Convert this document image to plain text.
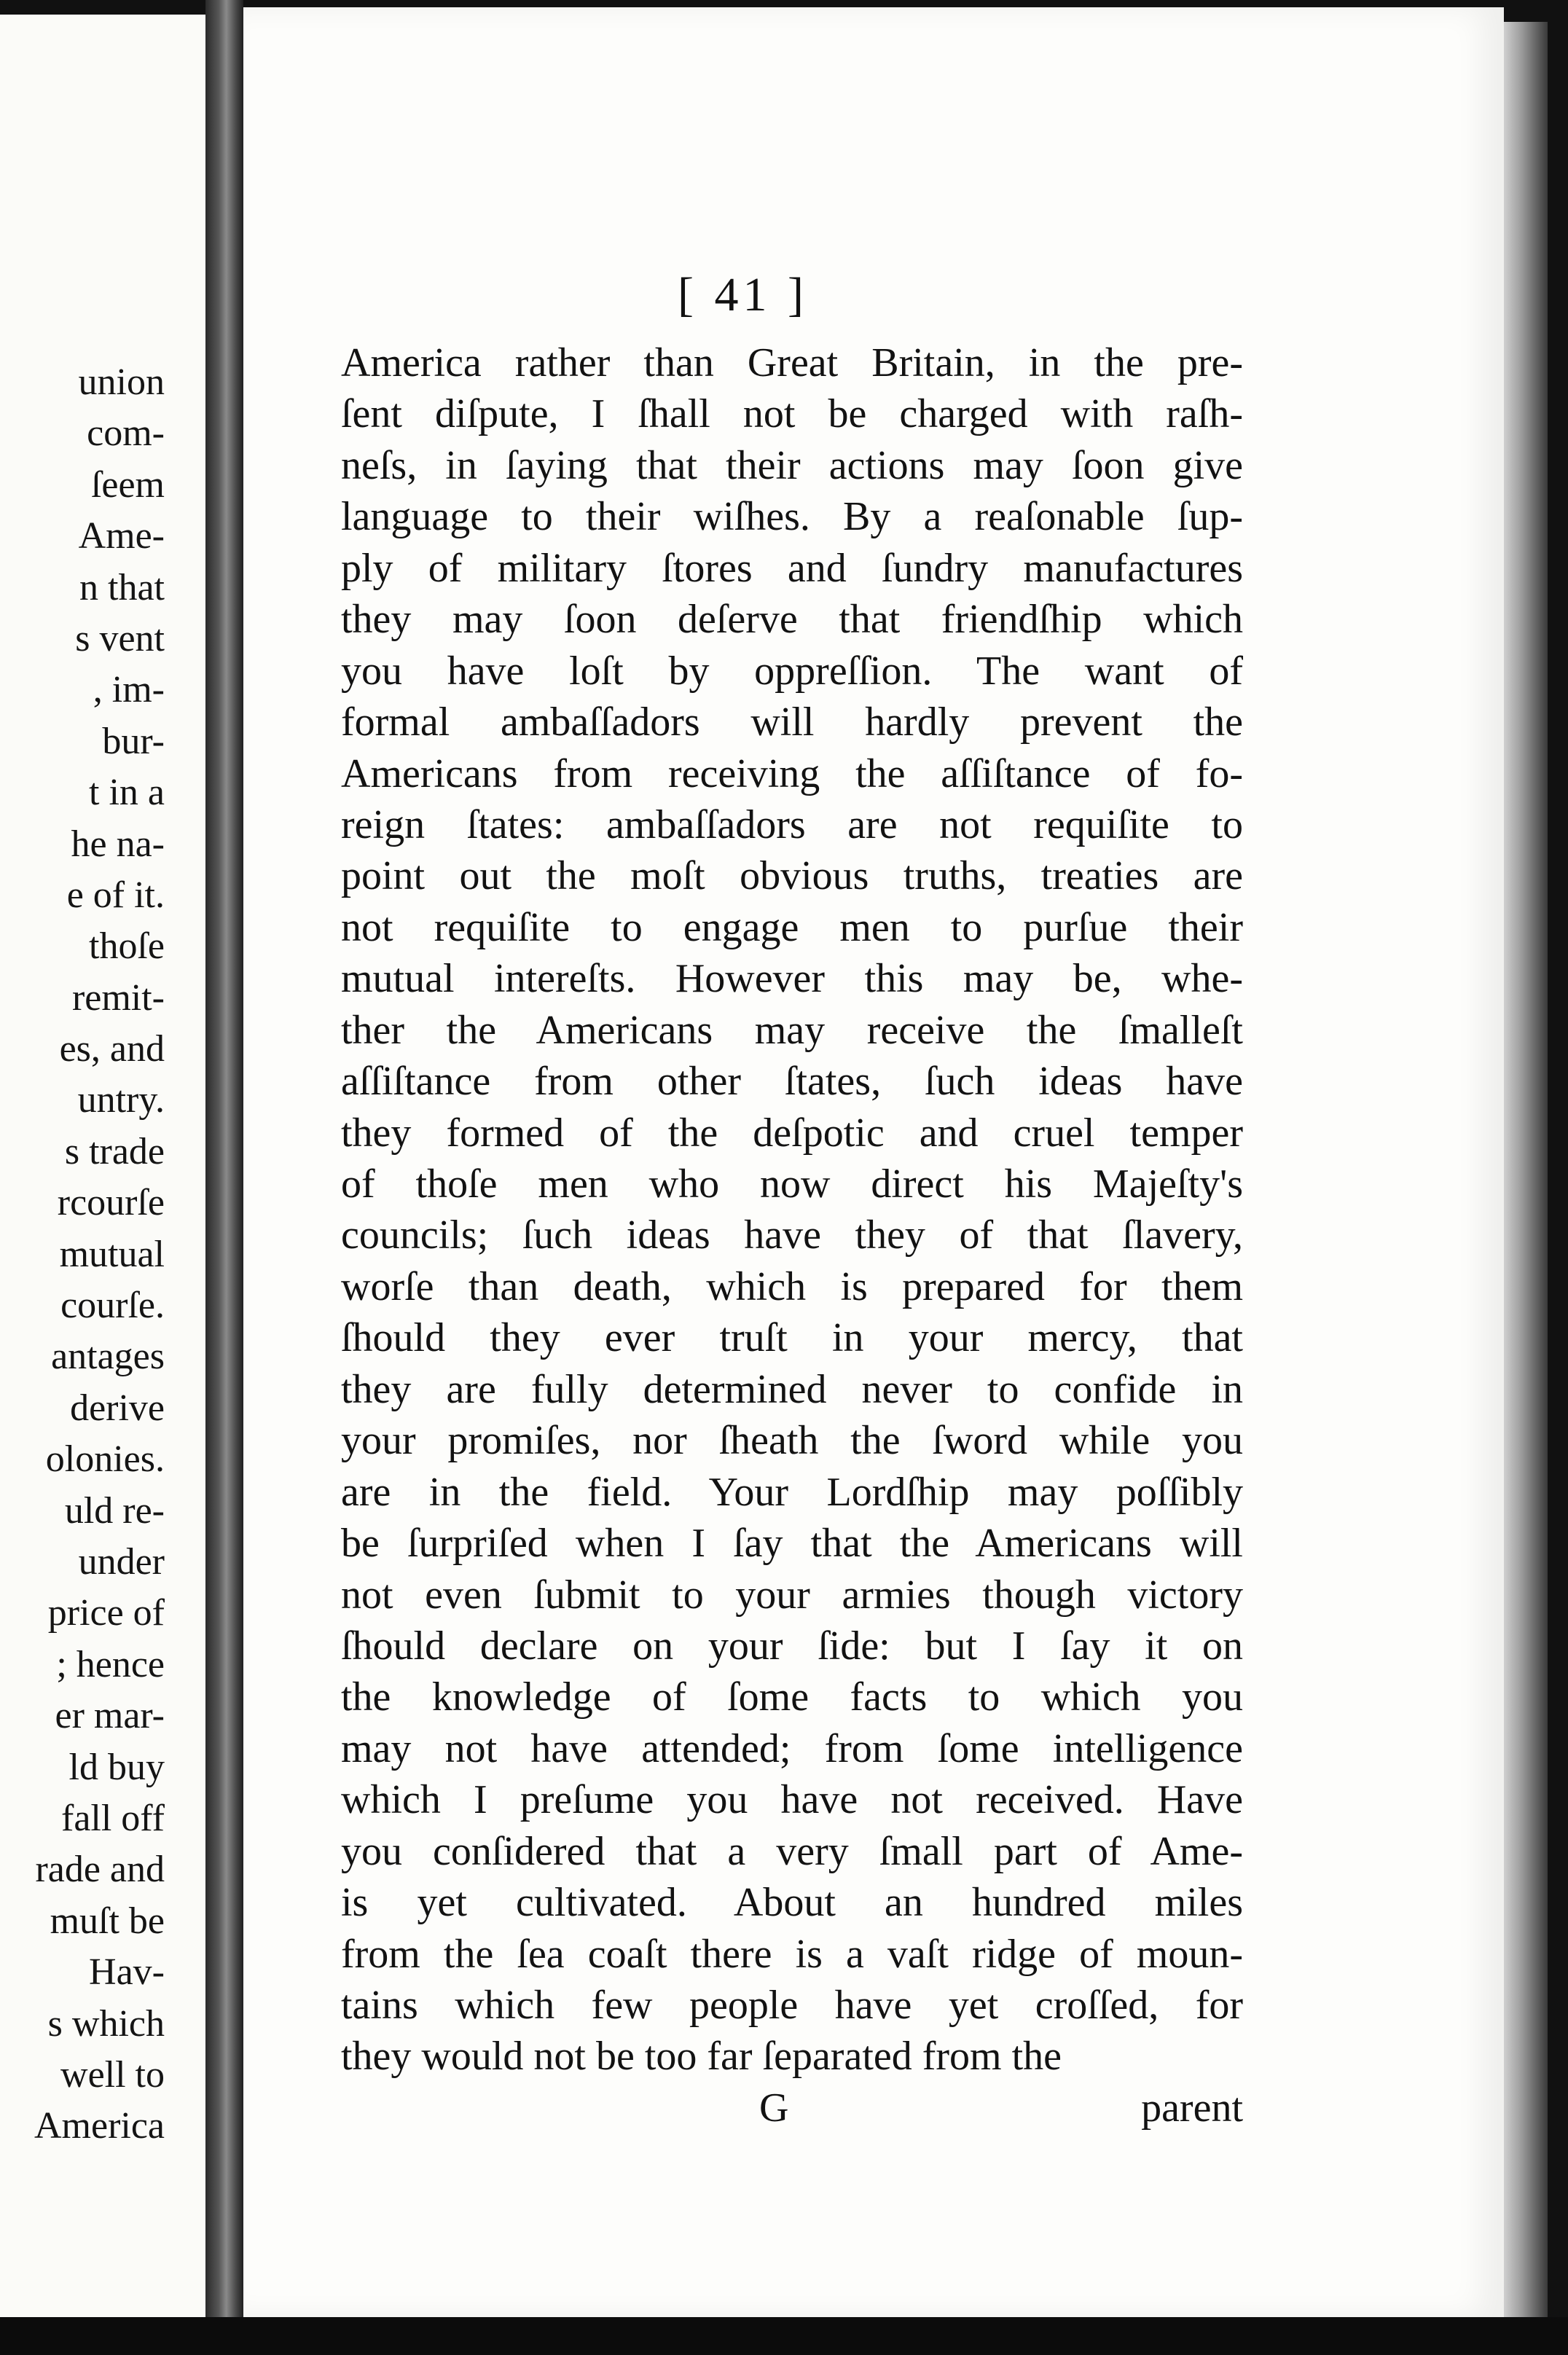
union
com-
ſeem
Ame-
n that
s vent
, im-
bur-
t in a
he na-
e of it.
thoſe
remit-
es, and
untry.
s trade
rcourſe
mutual
courſe.
antages
derive
olonies.
uld re-
under
price of
; hence
er mar-
ld buy
fall off
rade and
muſt be
Hav-
s which
well to
America
[ 41 ]
America rather than Great Britain, in the pre-
ſent diſpute, I ſhall not be charged with raſh-
neſs, in ſaying that their actions may ſoon give
language to their wiſhes. By a reaſonable ſup-
ply of military ſtores and ſundry manufactures
they may ſoon deſerve that friendſhip which
you have loſt by oppreſſion. The want of
formal ambaſſadors will hardly prevent the
Americans from receiving the aſſiſtance of fo-
reign ſtates: ambaſſadors are not requiſite to
point out the moſt obvious truths, treaties are
not requiſite to engage men to purſue their
mutual intereſts. However this may be, whe-
ther the Americans may receive the ſmalleſt
aſſiſtance from other ſtates, ſuch ideas have
they formed of the deſpotic and cruel temper
of thoſe men who now direct his Majeſty's
councils; ſuch ideas have they of that ſlavery,
worſe than death, which is prepared for them
ſhould they ever truſt in your mercy, that
they are fully determined never to confide in
your promiſes, nor ſheath the ſword while you
are in the field. Your Lordſhip may poſſibly
be ſurpriſed when I ſay that the Americans will
not even ſubmit to your armies though victory
ſhould declare on your ſide: but I ſay it on
the knowledge of ſome facts to which you
may not have attended; from ſome intelligence
which I preſume you have not received. Have
you conſidered that a very ſmall part of Ame-
is yet cultivated. About an hundred miles
from the ſea coaſt there is a vaſt ridge of moun-
tains which few people have yet croſſed, for
they would not be too far ſeparated from the
G	parent
